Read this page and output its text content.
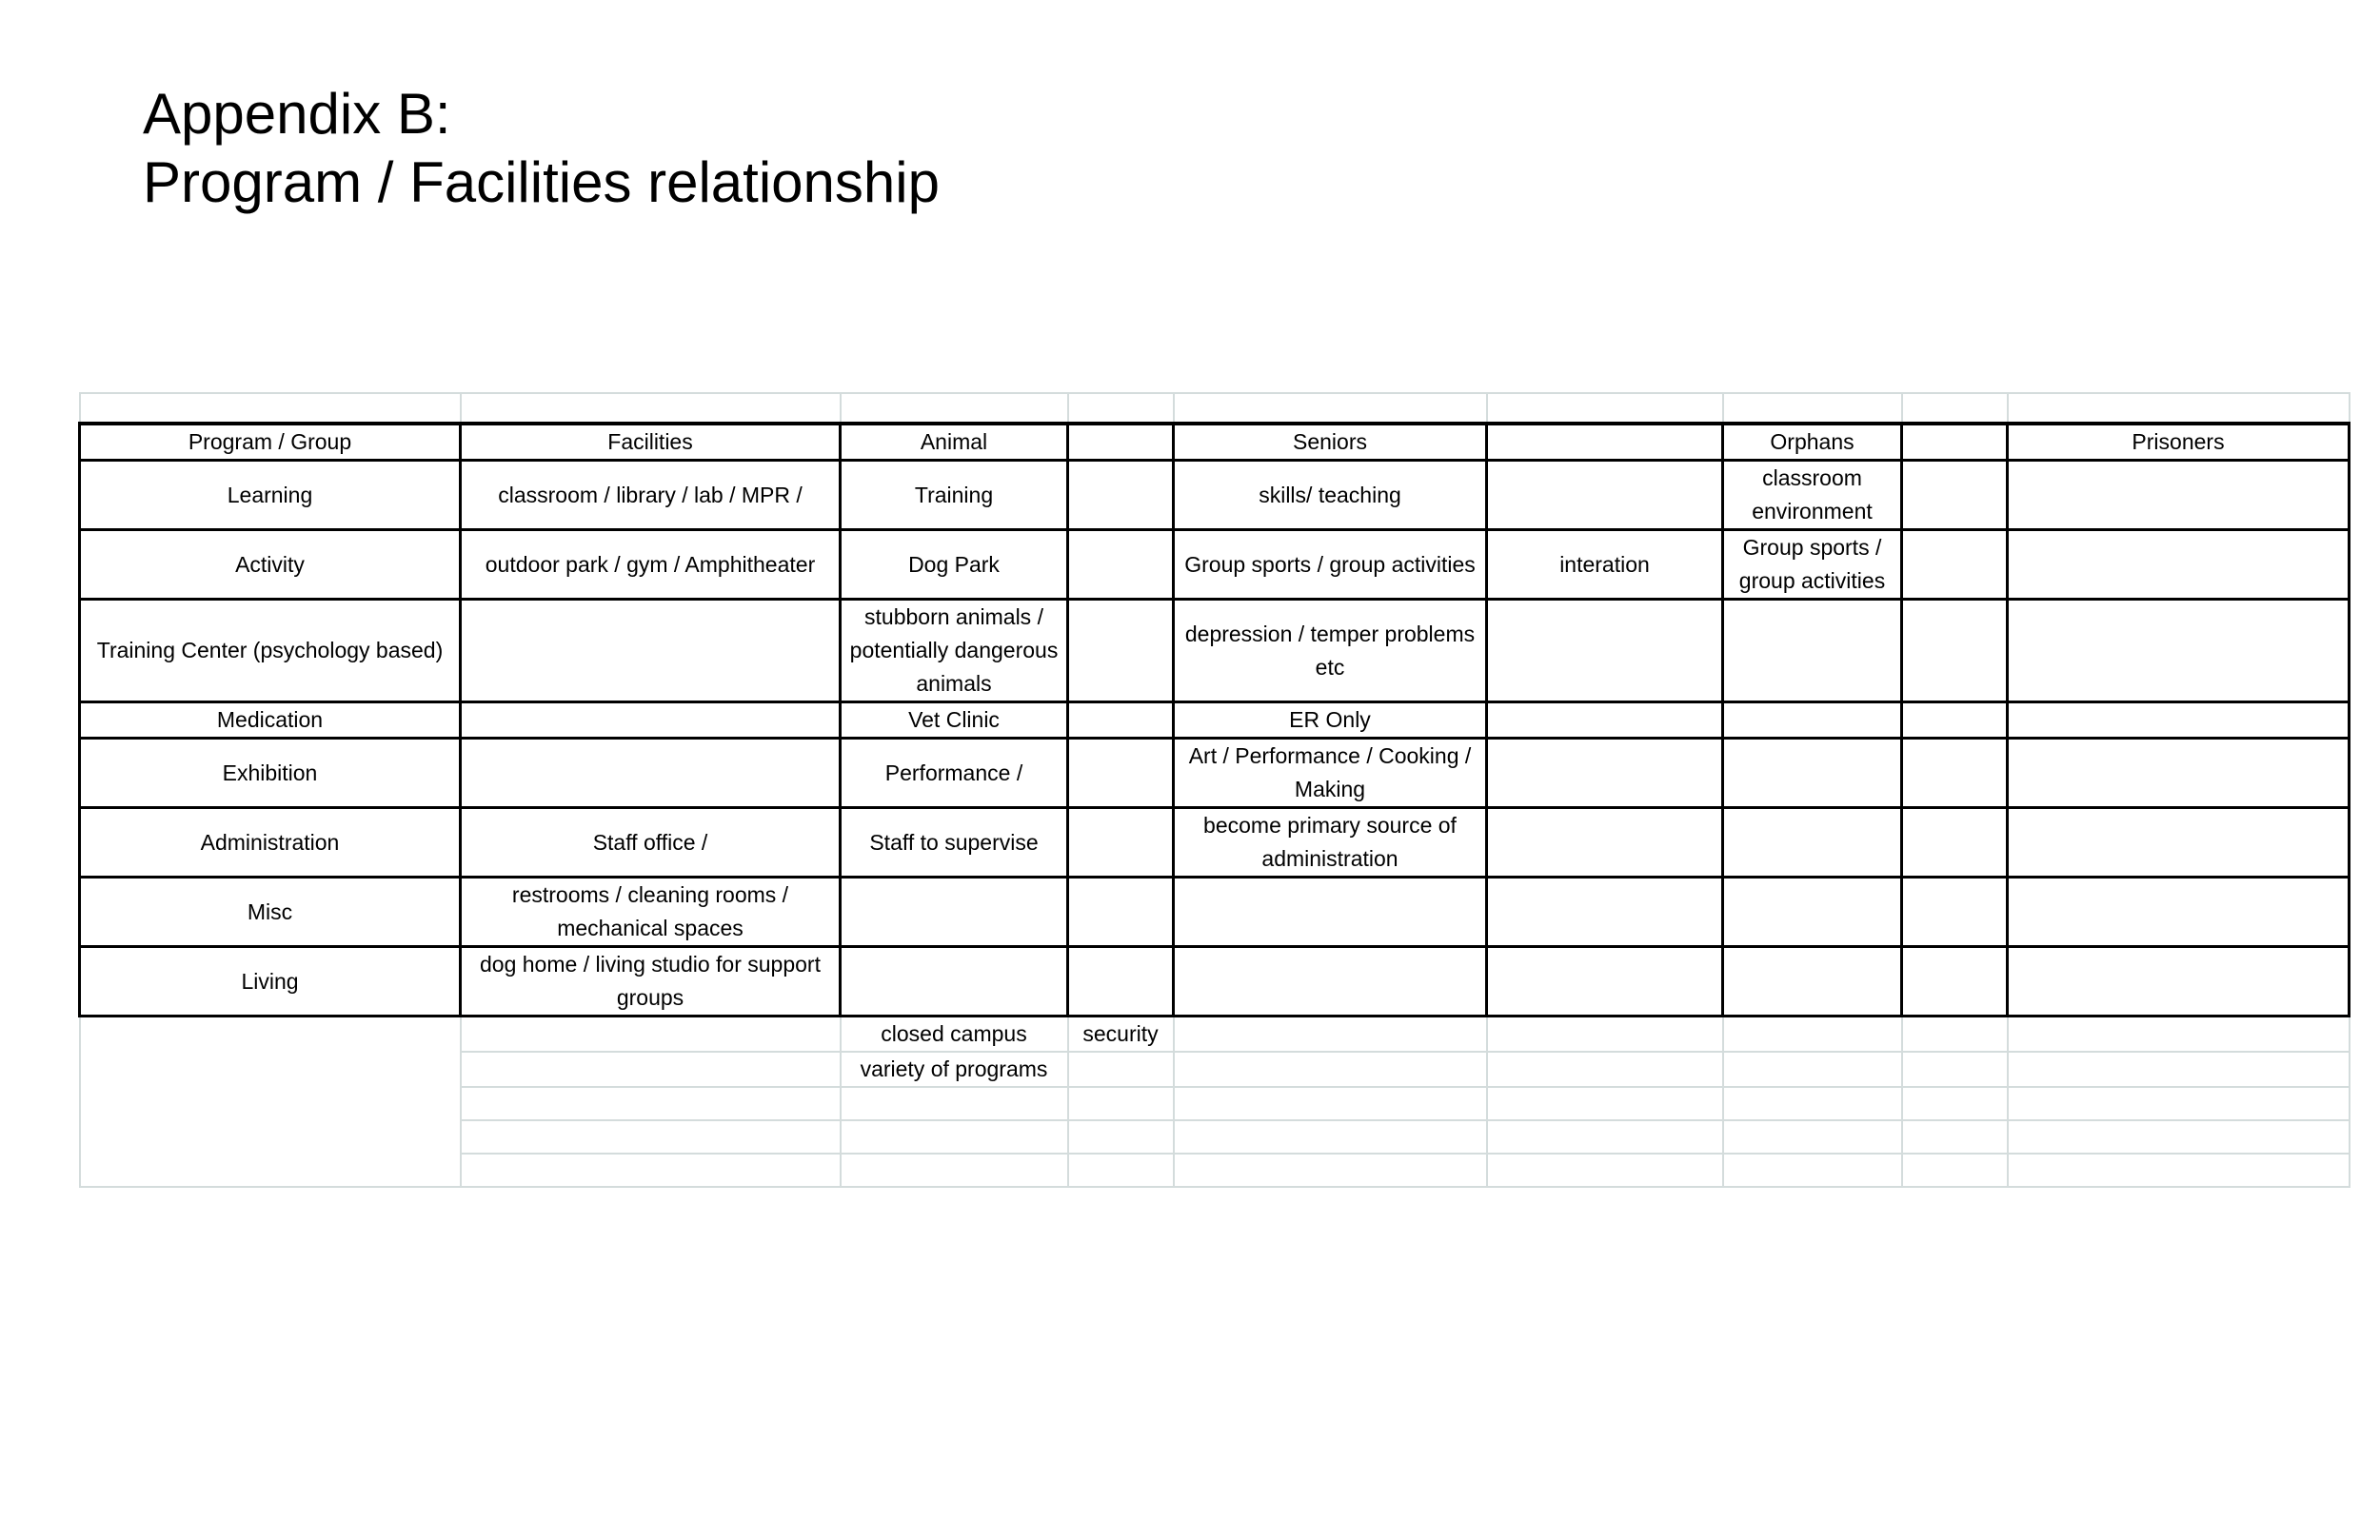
Appendix B:
Program / Facilities relationship

Program / Group	Facilities	Animal		Seniors		Orphans		Prisoners
Learning	classroom / library / lab / MPR /	Training		skills/ teaching		classroom environment		
Activity	outdoor park / gym / Amphitheater	Dog Park		Group sports / group activities	interation	Group sports / group activities		
Training Center (psychology based)		stubborn animals / potentially dangerous animals		depression / temper problems etc				
Medication		Vet Clinic		ER Only				
Exhibition		Performance /		Art / Performance / Cooking / Making				
Administration	Staff office /	Staff to supervise		become primary source of administration				
Misc	restrooms / cleaning rooms / mechanical spaces							
Living	dog home / living studio for support groups							
		closed campus	security					
		variety of programs						
